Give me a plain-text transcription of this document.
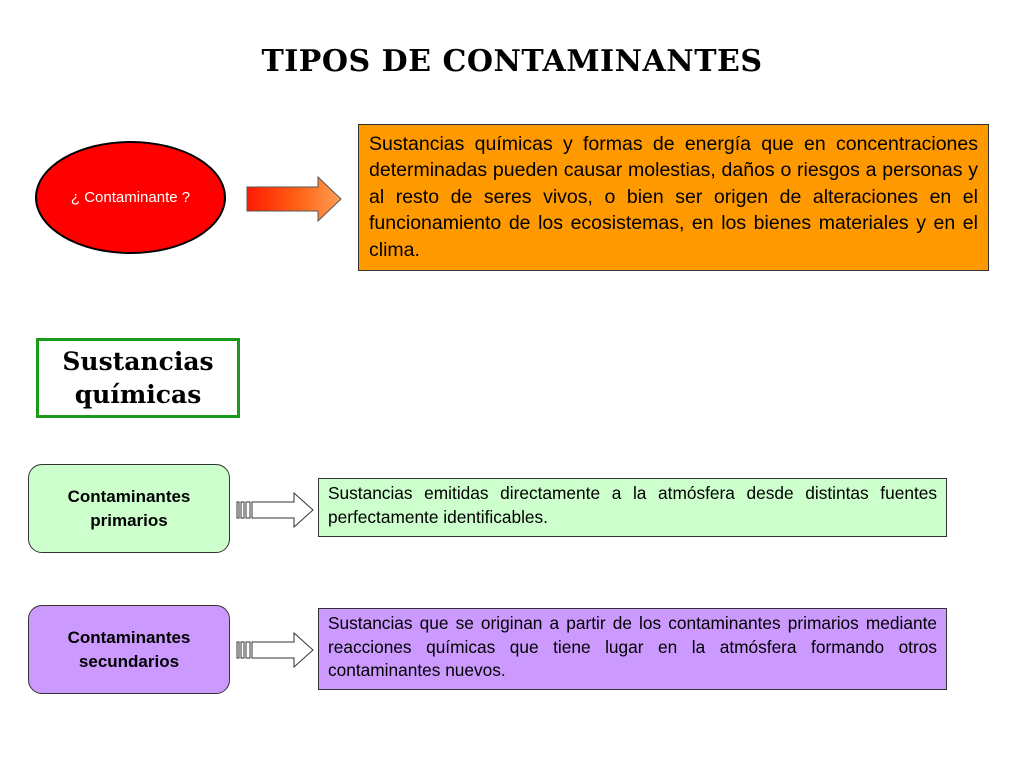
TIPOS DE CONTAMINANTES
¿ Contaminante ?
Sustancias químicas y formas de energía que en concentraciones determinadas pueden causar molestias, daños o riesgos a personas y al resto de seres vivos, o bien ser origen de alteraciones en el funcionamiento de los ecosistemas, en los bienes materiales y en el clima.
Sustancias
químicas
Contaminantes
primarios
Sustancias emitidas directamente a la atmósfera desde distintas fuentes perfectamente identificables.
Contaminantes
secundarios
Sustancias que se originan a partir de los contaminantes primarios mediante reacciones químicas que tiene lugar en la atmósfera formando otros contaminantes nuevos.
